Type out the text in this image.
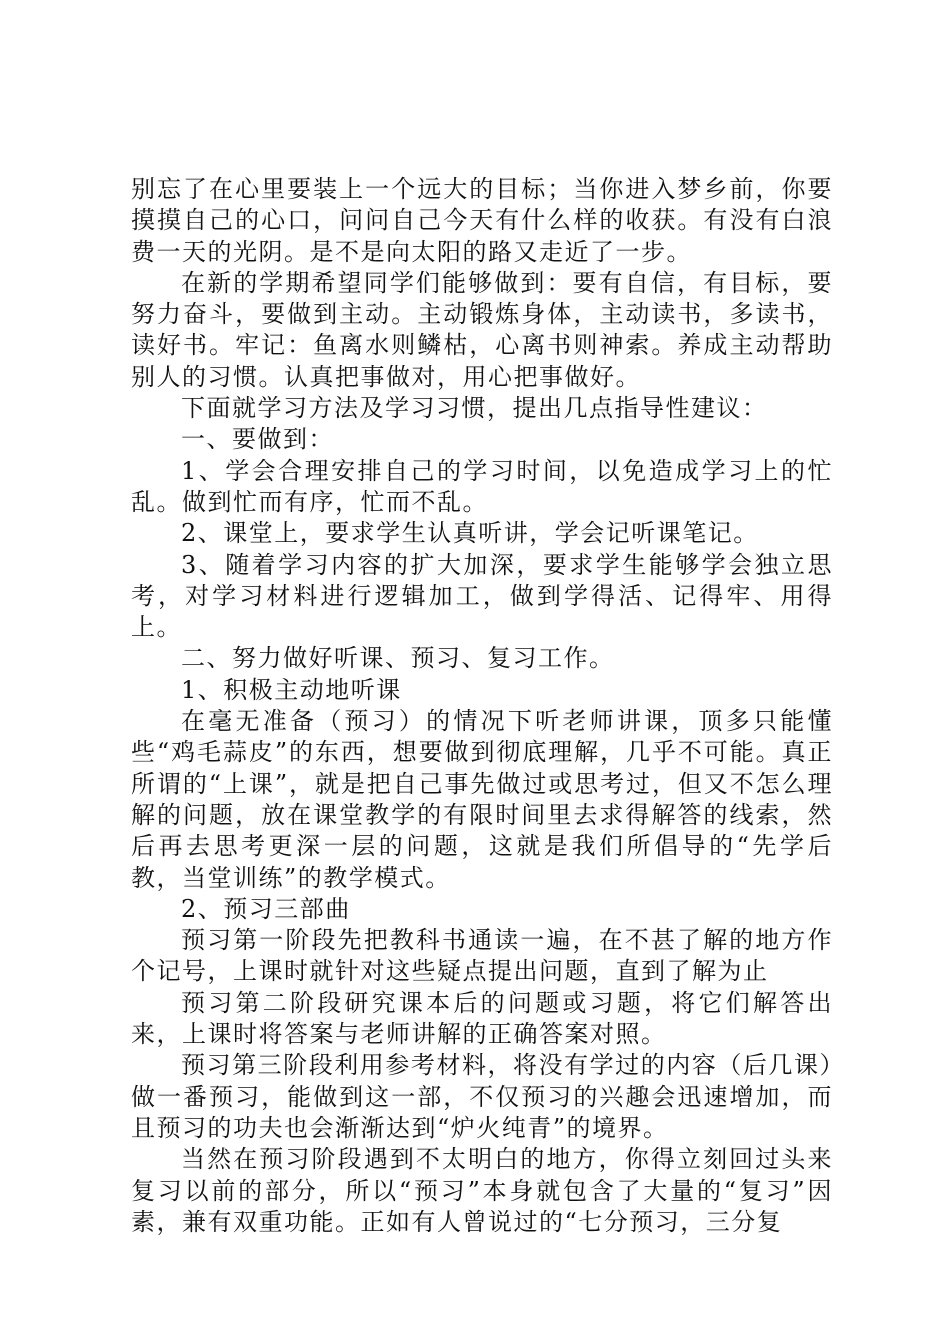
别忘了在心里要装上一个远大的目标；当你进入梦乡前，你要摸摸自己的心口，问问自己今天有什么样的收获。有没有白浪费一天的光阴。是不是向太阳的路又走近了一步。

在新的学期希望同学们能够做到：要有自信，有目标，要努力奋斗，要做到主动。主动锻炼身体，主动读书，多读书，读好书。牢记：鱼离水则鳞枯，心离书则神索。养成主动帮助别人的习惯。认真把事做对，用心把事做好。

下面就学习方法及学习习惯，提出几点指导性建议：

一、要做到：

1、学会合理安排自己的学习时间，以免造成学习上的忙乱。做到忙而有序，忙而不乱。

2、课堂上，要求学生认真听讲，学会记听课笔记。

3、随着学习内容的扩大加深，要求学生能够学会独立思考，对学习材料进行逻辑加工，做到学得活、记得牢、用得上。

二、努力做好听课、预习、复习工作。

1、积极主动地听课

在毫无准备（预习）的情况下听老师讲课，顶多只能懂些“鸡毛蒜皮”的东西，想要做到彻底理解，几乎不可能。真正所谓的“上课”，就是把自己事先做过或思考过，但又不怎么理解的问题，放在课堂教学的有限时间里去求得解答的线索，然后再去思考更深一层的问题，这就是我们所倡导的“先学后教，当堂训练”的教学模式。

2、预习三部曲

预习第一阶段先把教科书通读一遍，在不甚了解的地方作个记号，上课时就针对这些疑点提出问题，直到了解为止

预习第二阶段研究课本后的问题或习题，将它们解答出来，上课时将答案与老师讲解的正确答案对照。

预习第三阶段利用参考材料，将没有学过的内容（后几课）做一番预习，能做到这一部，不仅预习的兴趣会迅速增加，而且预习的功夫也会渐渐达到“炉火纯青”的境界。

当然在预习阶段遇到不太明白的地方，你得立刻回过头来复习以前的部分，所以“预习”本身就包含了大量的“复习”因素，兼有双重功能。正如有人曾说过的“七分预习，三分复
